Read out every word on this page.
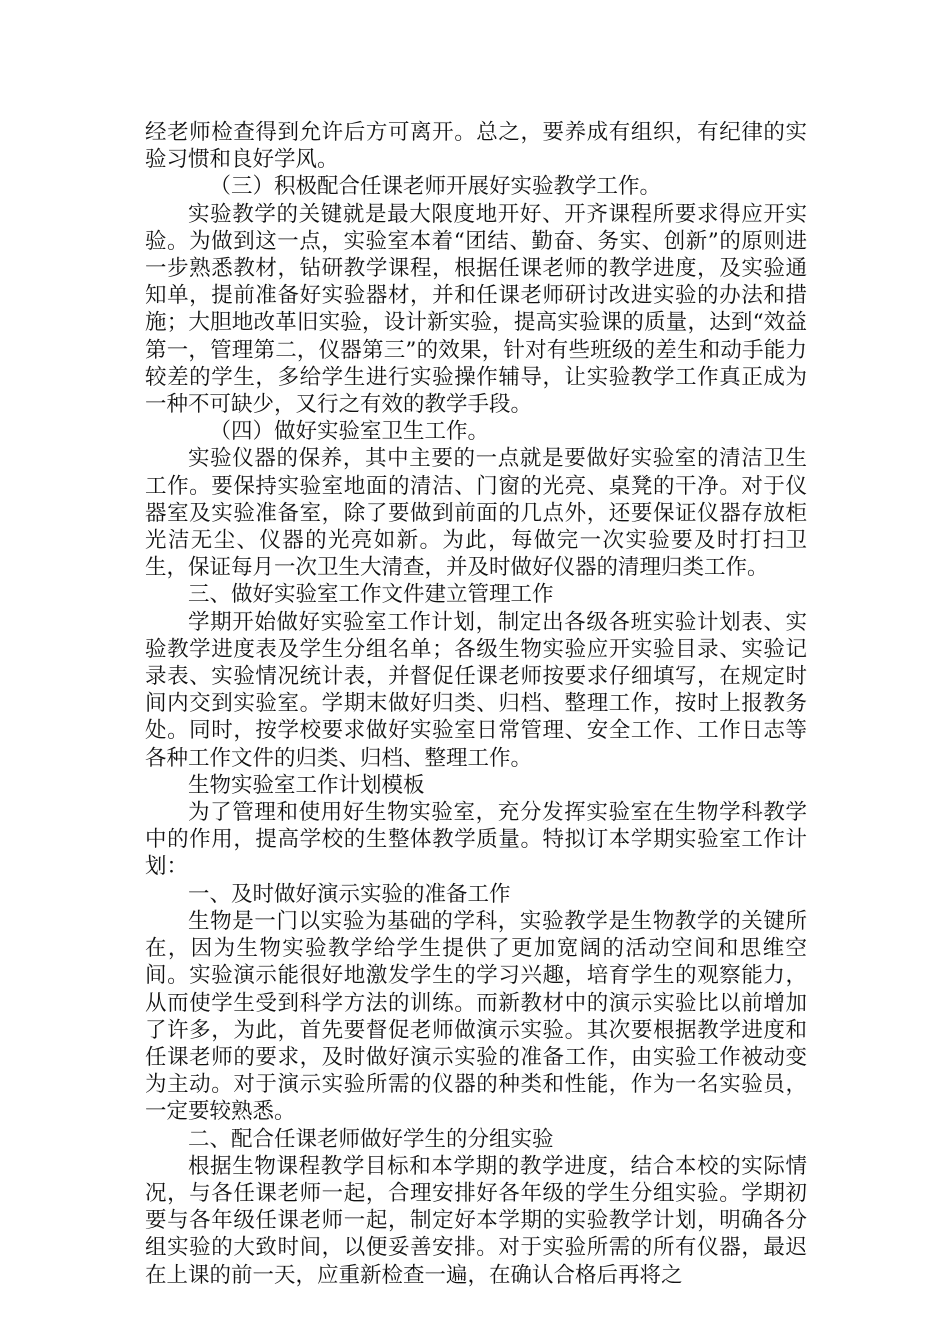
经老师检查得到允许后方可离开。总之，要养成有组织，有纪律的实验习惯和良好学风。

（三）积极配合任课老师开展好实验教学工作。

实验教学的关键就是最大限度地开好、开齐课程所要求得应开实验。为做到这一点，实验室本着“团结、勤奋、务实、创新”的原则进一步熟悉教材，钻研教学课程，根据任课老师的教学进度，及实验通知单，提前准备好实验器材，并和任课老师研讨改进实验的办法和措施；大胆地改革旧实验，设计新实验，提高实验课的质量，达到“效益第一，管理第二，仪器第三”的效果，针对有些班级的差生和动手能力较差的学生，多给学生进行实验操作辅导，让实验教学工作真正成为一种不可缺少，又行之有效的教学手段。

（四）做好实验室卫生工作。

实验仪器的保养，其中主要的一点就是要做好实验室的清洁卫生工作。要保持实验室地面的清洁、门窗的光亮、桌凳的干净。对于仪器室及实验准备室，除了要做到前面的几点外，还要保证仪器存放柜光洁无尘、仪器的光亮如新。为此，每做完一次实验要及时打扫卫生，保证每月一次卫生大清查，并及时做好仪器的清理归类工作。

三、做好实验室工作文件建立管理工作

学期开始做好实验室工作计划，制定出各级各班实验计划表、实验教学进度表及学生分组名单；各级生物实验应开实验目录、实验记录表、实验情况统计表，并督促任课老师按要求仔细填写，在规定时间内交到实验室。学期末做好归类、归档、整理工作，按时上报教务处。同时，按学校要求做好实验室日常管理、安全工作、工作日志等各种工作文件的归类、归档、整理工作。

生物实验室工作计划模板

为了管理和使用好生物实验室，充分发挥实验室在生物学科教学中的作用，提高学校的生整体教学质量。特拟订本学期实验室工作计划：

一、及时做好演示实验的准备工作

生物是一门以实验为基础的学科，实验教学是生物教学的关键所在，因为生物实验教学给学生提供了更加宽阔的活动空间和思维空间。实验演示能很好地激发学生的学习兴趣，培育学生的观察能力，从而使学生受到科学方法的训练。而新教材中的演示实验比以前增加了许多，为此，首先要督促老师做演示实验。其次要根据教学进度和任课老师的要求，及时做好演示实验的准备工作，由实验工作被动变为主动。对于演示实验所需的仪器的种类和性能，作为一名实验员，一定要较熟悉。

二、配合任课老师做好学生的分组实验

根据生物课程教学目标和本学期的教学进度，结合本校的实际情况，与各任课老师一起，合理安排好各年级的学生分组实验。学期初要与各年级任课老师一起，制定好本学期的实验教学计划，明确各分组实验的大致时间，以便妥善安排。对于实验所需的所有仪器，最迟在上课的前一天，应重新检查一遍，在确认合格后再将之
